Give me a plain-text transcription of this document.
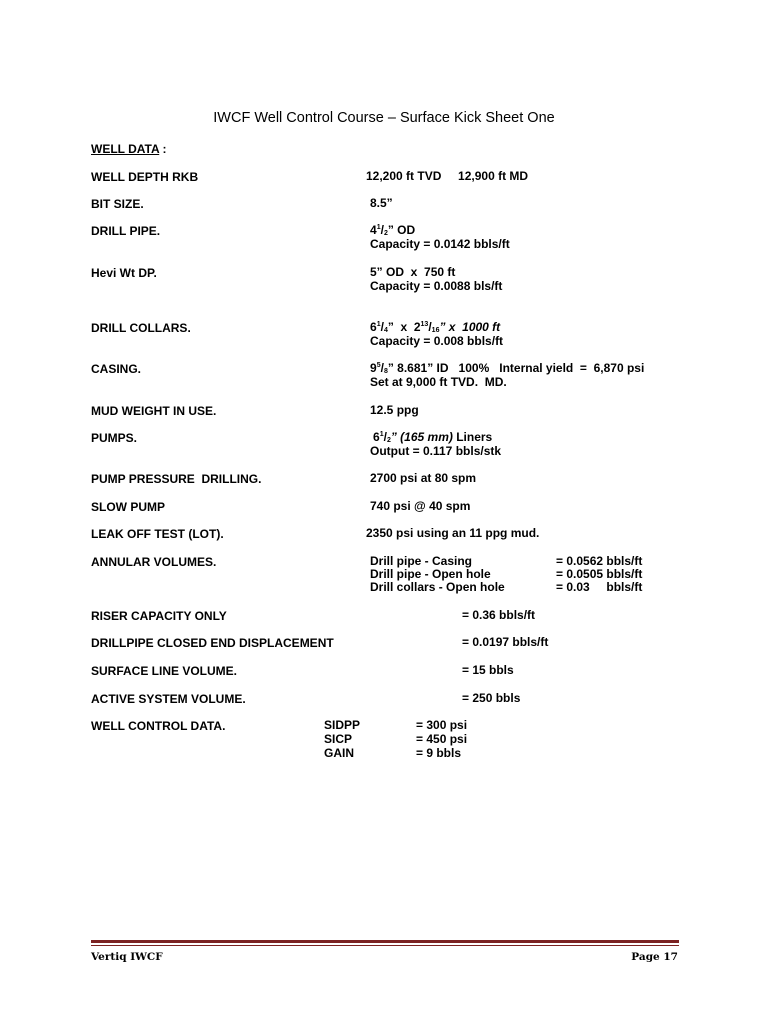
IWCF Well Control Course – Surface Kick Sheet One
WELL DATA :
WELL DEPTH RKB	12,200 ft TVD     12,900 ft MD
BIT SIZE.	8.5”
DRILL PIPE.	$4^1/_2$” OD
Capacity = 0.0142 bbls/ft
Hevi Wt DP.	5” OD  x  750 ft
Capacity = 0.0088 bls/ft
DRILL COLLARS.	$6^1/_4$”  x  $2^{13}/_{16}$” x  1000 ft
Capacity = 0.008 bbls/ft
CASING.	$9^5/_8$” 8.681” ID   100%   Internal yield  =  6,870 psi
Set at 9,000 ft TVD.  MD.
MUD WEIGHT IN USE.	12.5 ppg
PUMPS.	$6^1/_2$” (165 mm) Liners
Output = 0.117 bbls/stk
PUMP PRESSURE  DRILLING.	2700 psi at 80 spm
SLOW PUMP	740 psi @ 40 spm
LEAK OFF TEST (LOT).	2350 psi using an 11 ppg mud.
ANNULAR VOLUMES.	Drill pipe - Casing	= 0.0562 bbls/ft
Drill pipe - Open hole	= 0.0505 bbls/ft
Drill collars - Open hole	= 0.03     bbls/ft
RISER CAPACITY ONLY	= 0.36 bbls/ft
DRILLPIPE CLOSED END DISPLACEMENT	= 0.0197 bbls/ft
SURFACE LINE VOLUME.	= 15 bbls
ACTIVE SYSTEM VOLUME.	= 250 bbls
WELL CONTROL DATA.	SIDPP	= 300 psi
SICP	= 450 psi
GAIN	= 9 bbls
Vertiq IWCF	Page 17
